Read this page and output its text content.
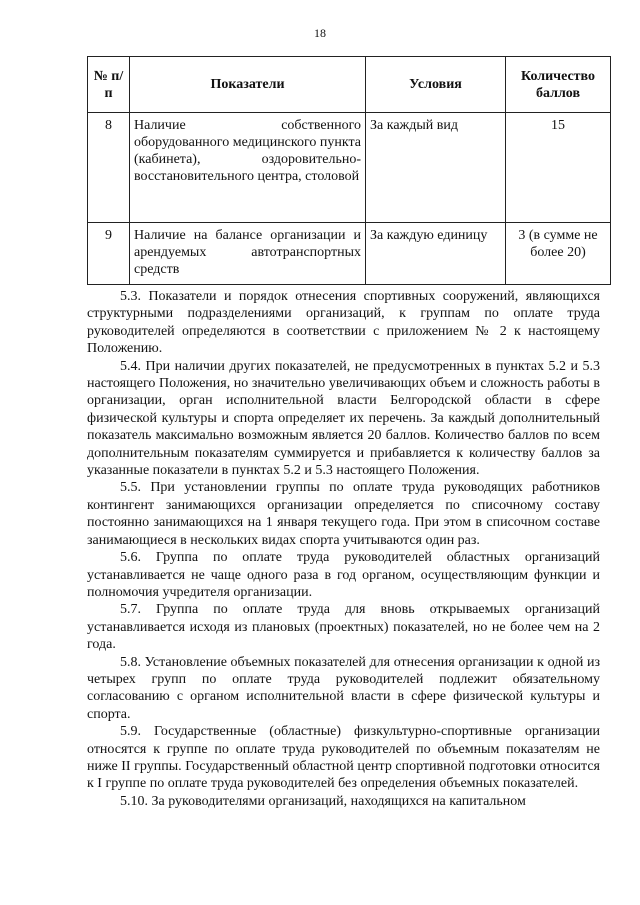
18
№ п/п	Показатели	Условия	Количество баллов
8	Наличие собственного оборудованного медицинского пункта (кабинета), оздоровительно-восстановительного центра, столовой	За каждый вид	15
9	Наличие на балансе организации и арендуемых автотранспортных средств	За каждую единицу	3 (в сумме не более 20)

5.3. Показатели и порядок отнесения спортивных сооружений, являющихся структурными подразделениями организаций, к группам по оплате труда руководителей определяются в соответствии с приложением № 2 к настоящему Положению.

5.4. При наличии других показателей, не предусмотренных в пунктах 5.2 и 5.3 настоящего Положения, но значительно увеличивающих объем и сложность работы в организации, орган исполнительной власти Белгородской области в сфере физической культуры и спорта определяет их перечень. За каждый дополнительный показатель максимально возможным является 20 баллов. Количество баллов по всем дополнительным показателям суммируется и прибавляется к количеству баллов за указанные показатели в пунктах 5.2 и 5.3 настоящего Положения.

5.5. При установлении группы по оплате труда руководящих работников контингент занимающихся организации определяется по списочному составу постоянно занимающихся на 1 января текущего года. При этом в списочном составе занимающиеся в нескольких видах спорта учитываются один раз.

5.6. Группа по оплате труда руководителей областных организаций устанавливается не чаще одного раза в год органом, осуществляющим функции и полномочия учредителя организации.

5.7. Группа по оплате труда для вновь открываемых организаций устанавливается исходя из плановых (проектных) показателей, но не более чем на 2 года.

5.8. Установление объемных показателей для отнесения организации к одной из четырех групп по оплате труда руководителей подлежит обязательному согласованию с органом исполнительной власти в сфере физической культуры и спорта.

5.9. Государственные (областные) физкультурно-спортивные организации относятся к группе по оплате труда руководителей по объемным показателям не ниже II группы. Государственный областной центр спортивной подготовки относится к I группе по оплате труда руководителей без определения объемных показателей.

5.10. За руководителями организаций, находящихся на капитальном
